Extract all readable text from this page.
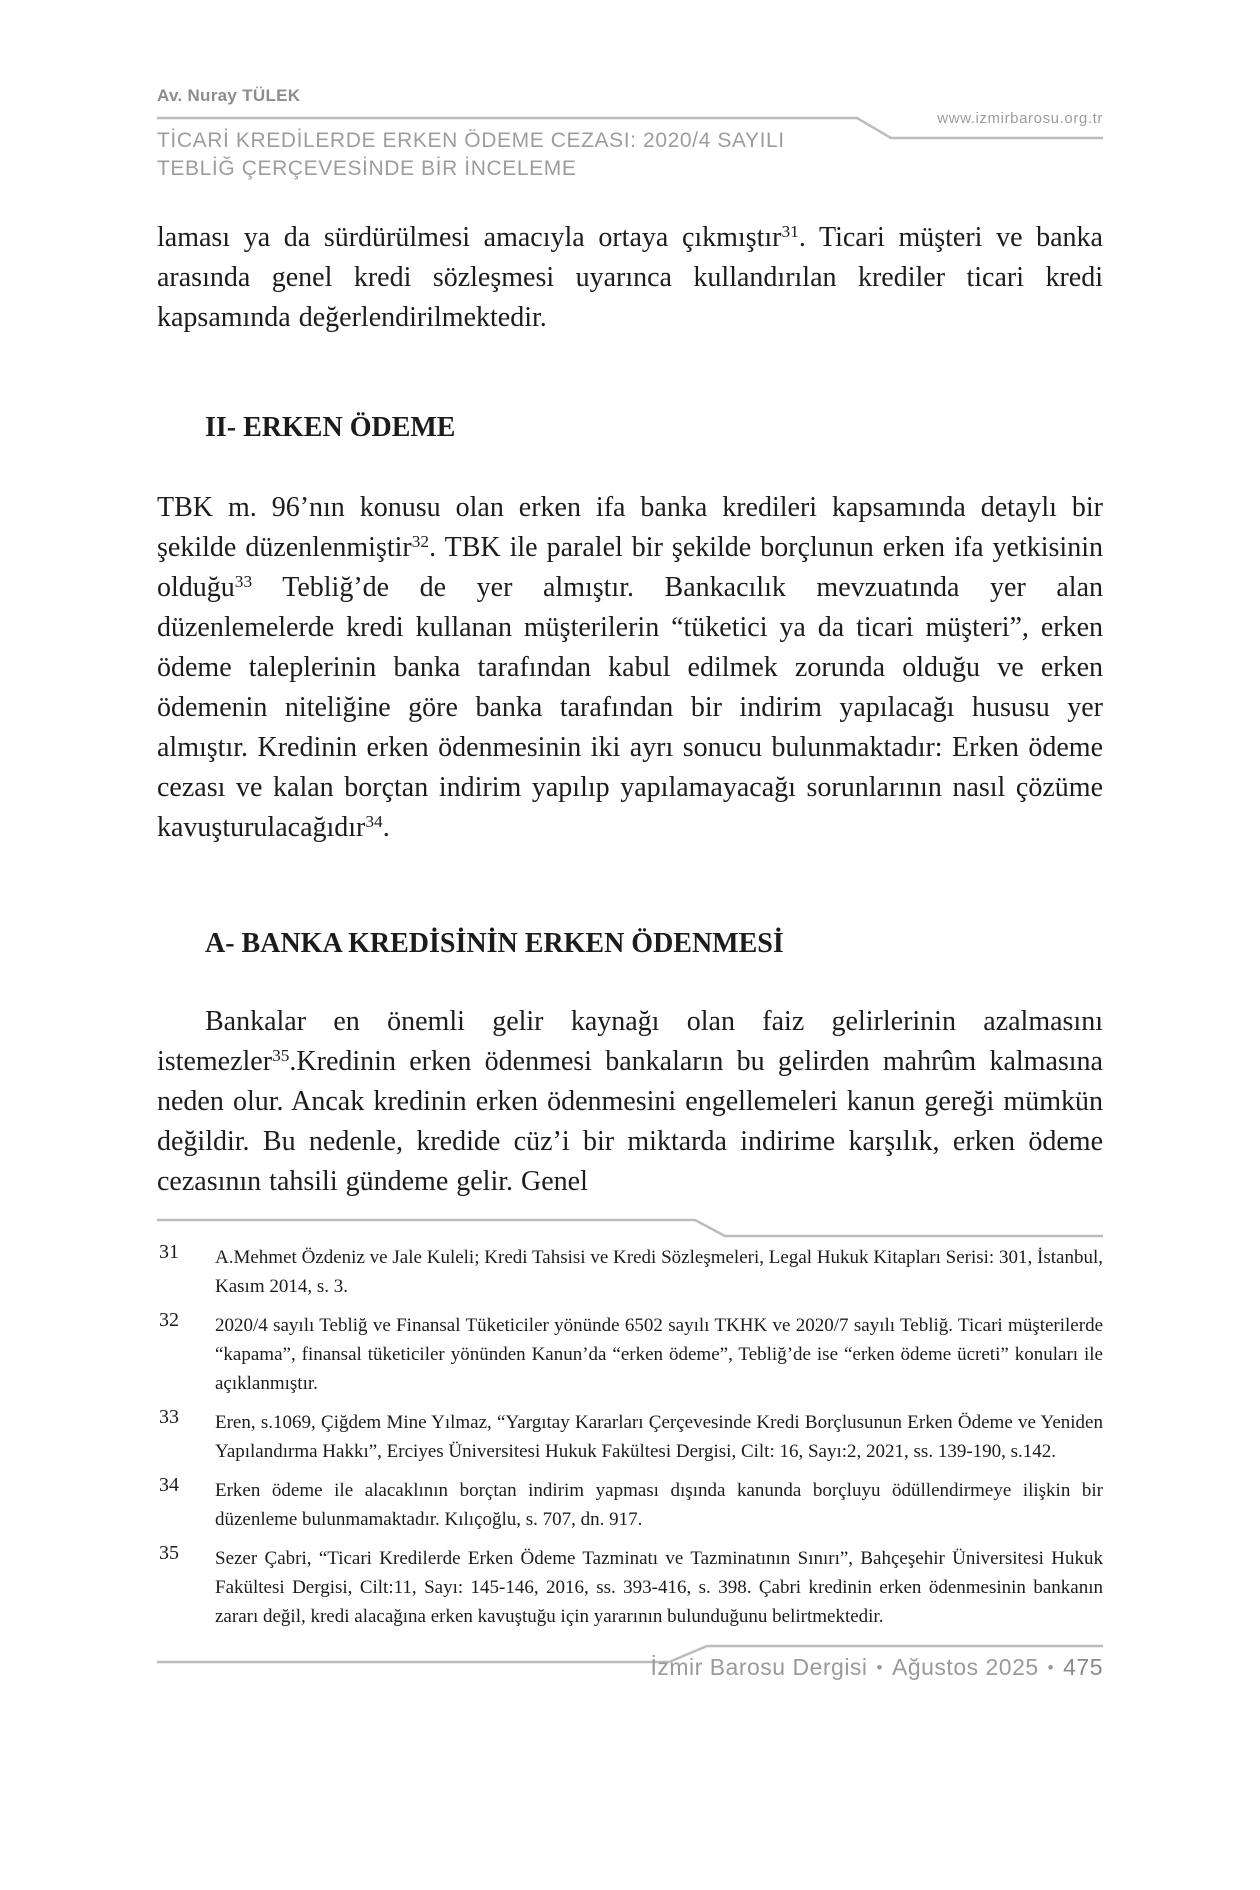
Av. Nuray TÜLEK
www.izmirbarosu.org.tr
TİCARİ KREDİLERDE ERKEN ÖDEME CEZASI: 2020/4 SAYILI
TEBLİĞ ÇERÇEVESİNDE BİR İNCELEME

laması ya da sürdürülmesi amacıyla ortaya çıkmıştır$^{31}$. Ticari müşteri ve banka arasında genel kredi sözleşmesi uyarınca kullandırılan krediler ticari kredi kapsamında değerlendirilmektedir.

II- ERKEN ÖDEME

TBK m. 96’nın konusu olan erken ifa banka kredileri kapsamında detaylı bir şekilde düzenlenmiştir$^{32}$. TBK ile paralel bir şekilde borçlunun erken ifa yetkisinin olduğu$^{33}$ Tebliğ’de de yer almıştır. Bankacılık mevzuatında yer alan düzenlemelerde kredi kullanan müşterilerin “tüketici ya da ticari müşteri”, erken ödeme taleplerinin banka tarafından kabul edilmek zorunda olduğu ve erken ödemenin niteliğine göre banka tarafından bir indirim yapılacağı hususu yer almıştır. Kredinin erken ödenmesinin iki ayrı sonucu bulunmaktadır: Erken ödeme cezası ve kalan borçtan indirim yapılıp yapılamayacağı sorunlarının nasıl çözüme kavuşturulacağıdır$^{34}$.

A- BANKA KREDİSİNİN ERKEN ÖDENMESİ

Bankalar en önemli gelir kaynağı olan faiz gelirlerinin azalmasını istemezler$^{35}$.Kredinin erken ödenmesi bankaların bu gelirden mahrûm kalmasına neden olur. Ancak kredinin erken ödenmesini engellemeleri kanun gereği mümkün değildir. Bu nedenle, kredide cüz’i bir miktarda indirime karşılık, erken ödeme cezasının tahsili gündeme gelir. Genel

31 A.Mehmet Özdeniz ve Jale Kuleli; Kredi Tahsisi ve Kredi Sözleşmeleri, Legal Hukuk Kitapları Serisi: 301, İstanbul, Kasım 2014, s. 3.
32 2020/4 sayılı Tebliğ ve Finansal Tüketiciler yönünde 6502 sayılı TKHK ve 2020/7 sayılı Tebliğ. Ticari müşterilerde “kapama”, finansal tüketiciler yönünden Kanun’da “erken ödeme”, Tebliğ’de ise “erken ödeme ücreti” konuları ile açıklanmıştır.
33 Eren, s.1069, Çiğdem Mine Yılmaz, “Yargıtay Kararları Çerçevesinde Kredi Borçlusunun Erken Ödeme ve Yeniden Yapılandırma Hakkı”, Erciyes Üniversitesi Hukuk Fakültesi Dergisi, Cilt: 16, Sayı:2, 2021, ss. 139-190, s.142.
34 Erken ödeme ile alacaklının borçtan indirim yapması dışında kanunda borçluyu ödüllendirmeye ilişkin bir düzenleme bulunmamaktadır. Kılıçoğlu, s. 707, dn. 917.
35 Sezer Çabri, “Ticari Kredilerde Erken Ödeme Tazminatı ve Tazminatının Sınırı”, Bahçeşehir Üniversitesi Hukuk Fakültesi Dergisi, Cilt:11, Sayı: 145-146, 2016, ss. 393-416, s. 398. Çabri kredinin erken ödenmesinin bankanın zararı değil, kredi alacağına erken kavuştuğu için yararının bulunduğunu belirtmektedir.
İzmir Barosu Dergisi • Ağustos 2025 • 475
